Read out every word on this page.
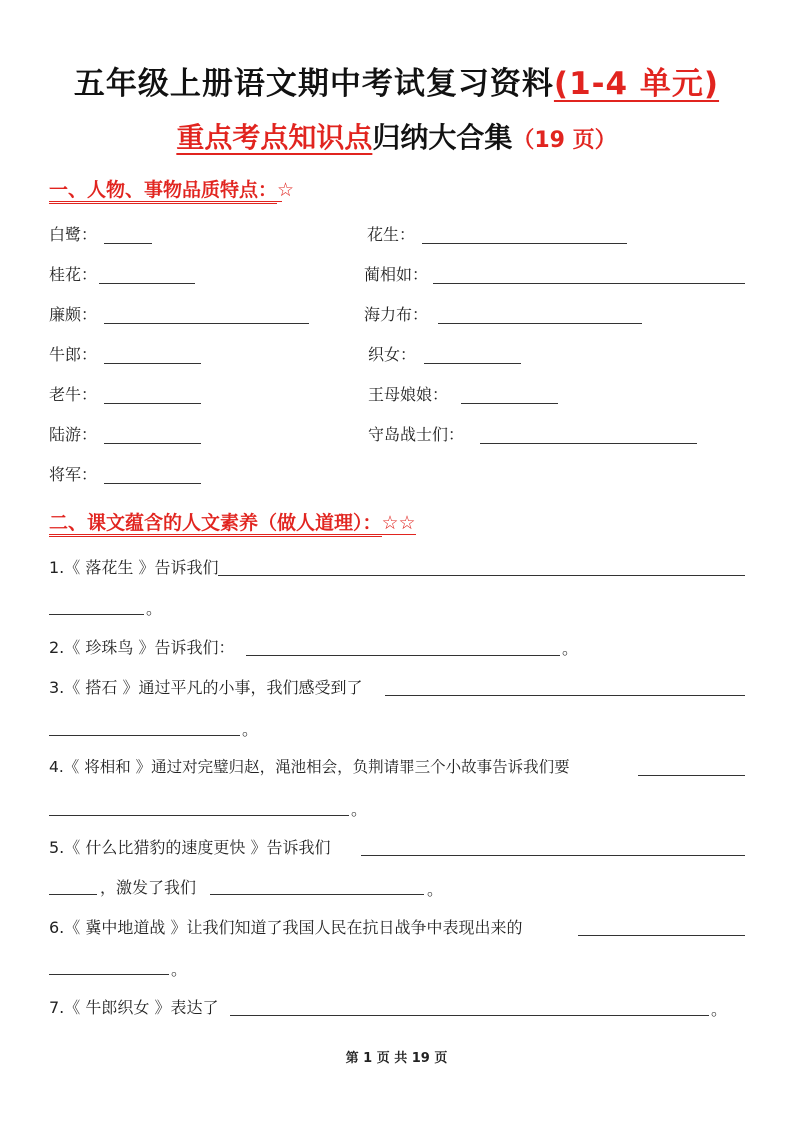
五年级上册语文期中考试复习资料(1-4 单元)
重点考点知识点归纳大合集（19 页）
一、人物、事物品质特点：☆
白鹭：	花生：
桂花：	蔺相如：
廉颇：	海力布：
牛郎：	织女：
老牛：	王母娘娘：
陆游：	守岛战士们：
将军：
二、课文蕴含的人文素养（做人道理）：☆☆
1.《 落花生 》告诉我们
。
2.《 珍珠鸟 》告诉我们：	。
3.《 搭石 》通过平凡的小事，我们感受到了
。
4.《 将相和 》通过对完璧归赵，渑池相会，负荆请罪三个小故事告诉我们要
。
5.《 什么比猎豹的速度更快 》告诉我们
，激发了我们	。
6.《 冀中地道战 》让我们知道了我国人民在抗日战争中表现出来的
。
7.《 牛郎织女 》表达了	。
第 1 页 共 19 页
